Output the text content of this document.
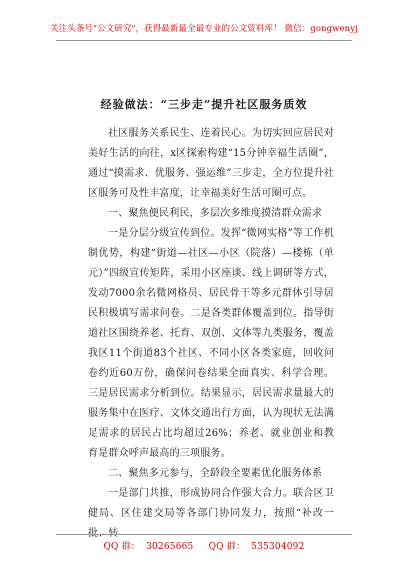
关注头条号"公文研究"，获得最新最全最专业的公文资料库！ 微信：gongwenyj
经验做法：“三步走”提升社区服务质效

社区服务关系民生、连着民心。为切实回应居民对美好生活的向往，x区探索构建“15分钟幸福生活圈”，通过“摸需求、优服务、强运维”三步走，全方位提升社区服务可及性丰富度，让幸福美好生活可圈可点。

一、聚焦便民利民，多层次多维度摸清群众需求

一是分层分级宣传到位。发挥“微网实格”等工作机制优势，构建“街道—社区—小区（院落）—楼栋（单元）”四级宣传矩阵，采用小区座谈、线上调研等方式，发动7000余名微网格员、居民骨干等多元群体引导居民积极填写需求问卷。二是各类群体覆盖到位。指导街道社区围绕养老、托育、双创、文体等九类服务，覆盖我区11个街道83个社区、不同小区各类家庭，回收问卷约近60万份，确保问卷结果全面真实、科学合理。三是居民需求分析到位。结果显示，居民需求量最大的服务集中在医疗、文体交通出行方面，认为现状无法满足需求的居民占比均超过26%；养老、就业创业和教育是群众呼声最高的三项服务。

二、聚焦多元参与，全龄段全要素优化服务体系

一是部门共推，形成协同合作强大合力。联合区卫健局、区住建交局等各部门协同发力，按照“补改一批、转

QQ 群： 30265665 QQ 群： 535304092
